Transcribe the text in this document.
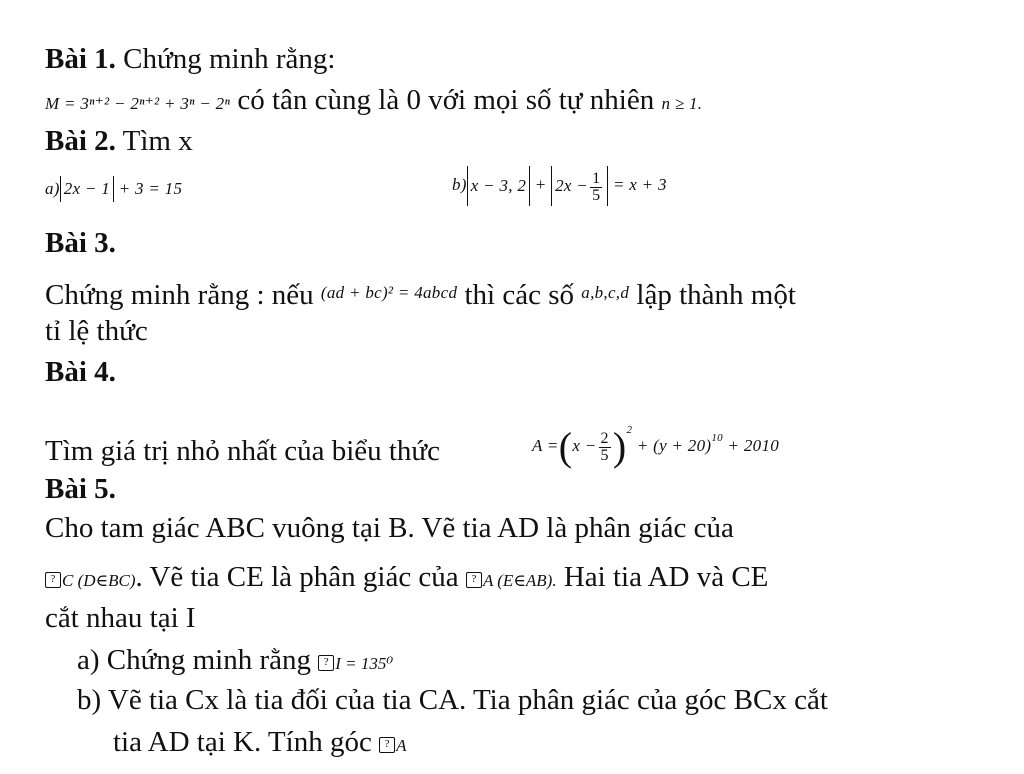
Bài 1. Chứng minh rằng:
M = 3ⁿ⁺² − 2ⁿ⁺² + 3ⁿ − 2ⁿ có tân cùng là 0 với mọi số tự nhiên n ≥ 1.
Bài 2. Tìm x
a) 2x − 1 + 3 = 15	b) x − 3, $2 + 2x - \frac{1}{5} = x + 3$
Bài 3.
Chứng minh rằng : nếu $^{(ad + bc)^2 = 4abcd}$ thì các số $^{a,b,c,d}$ lập thành một
tỉ lệ thức
Bài 4.
Tìm giá trị nhỏ nhất của biểu thức	$A =(x - \frac{2}{5} )^2 + (y + 20)^{10} + 2010$
Bài 5.
Cho tam giác ABC vuông tại B. Vẽ tia AD là phân giác của
? C (D∈BC). Vẽ tia CE là phân giác của ? A (E∈AB). Hai tia AD và CE
cắt nhau tại I
a) Chứng minh rằng ? I = 135⁰
b) Vẽ tia Cx là tia đối của tia CA. Tia phân giác của góc BCx cắt
tia AD tại K. Tính góc ? A
